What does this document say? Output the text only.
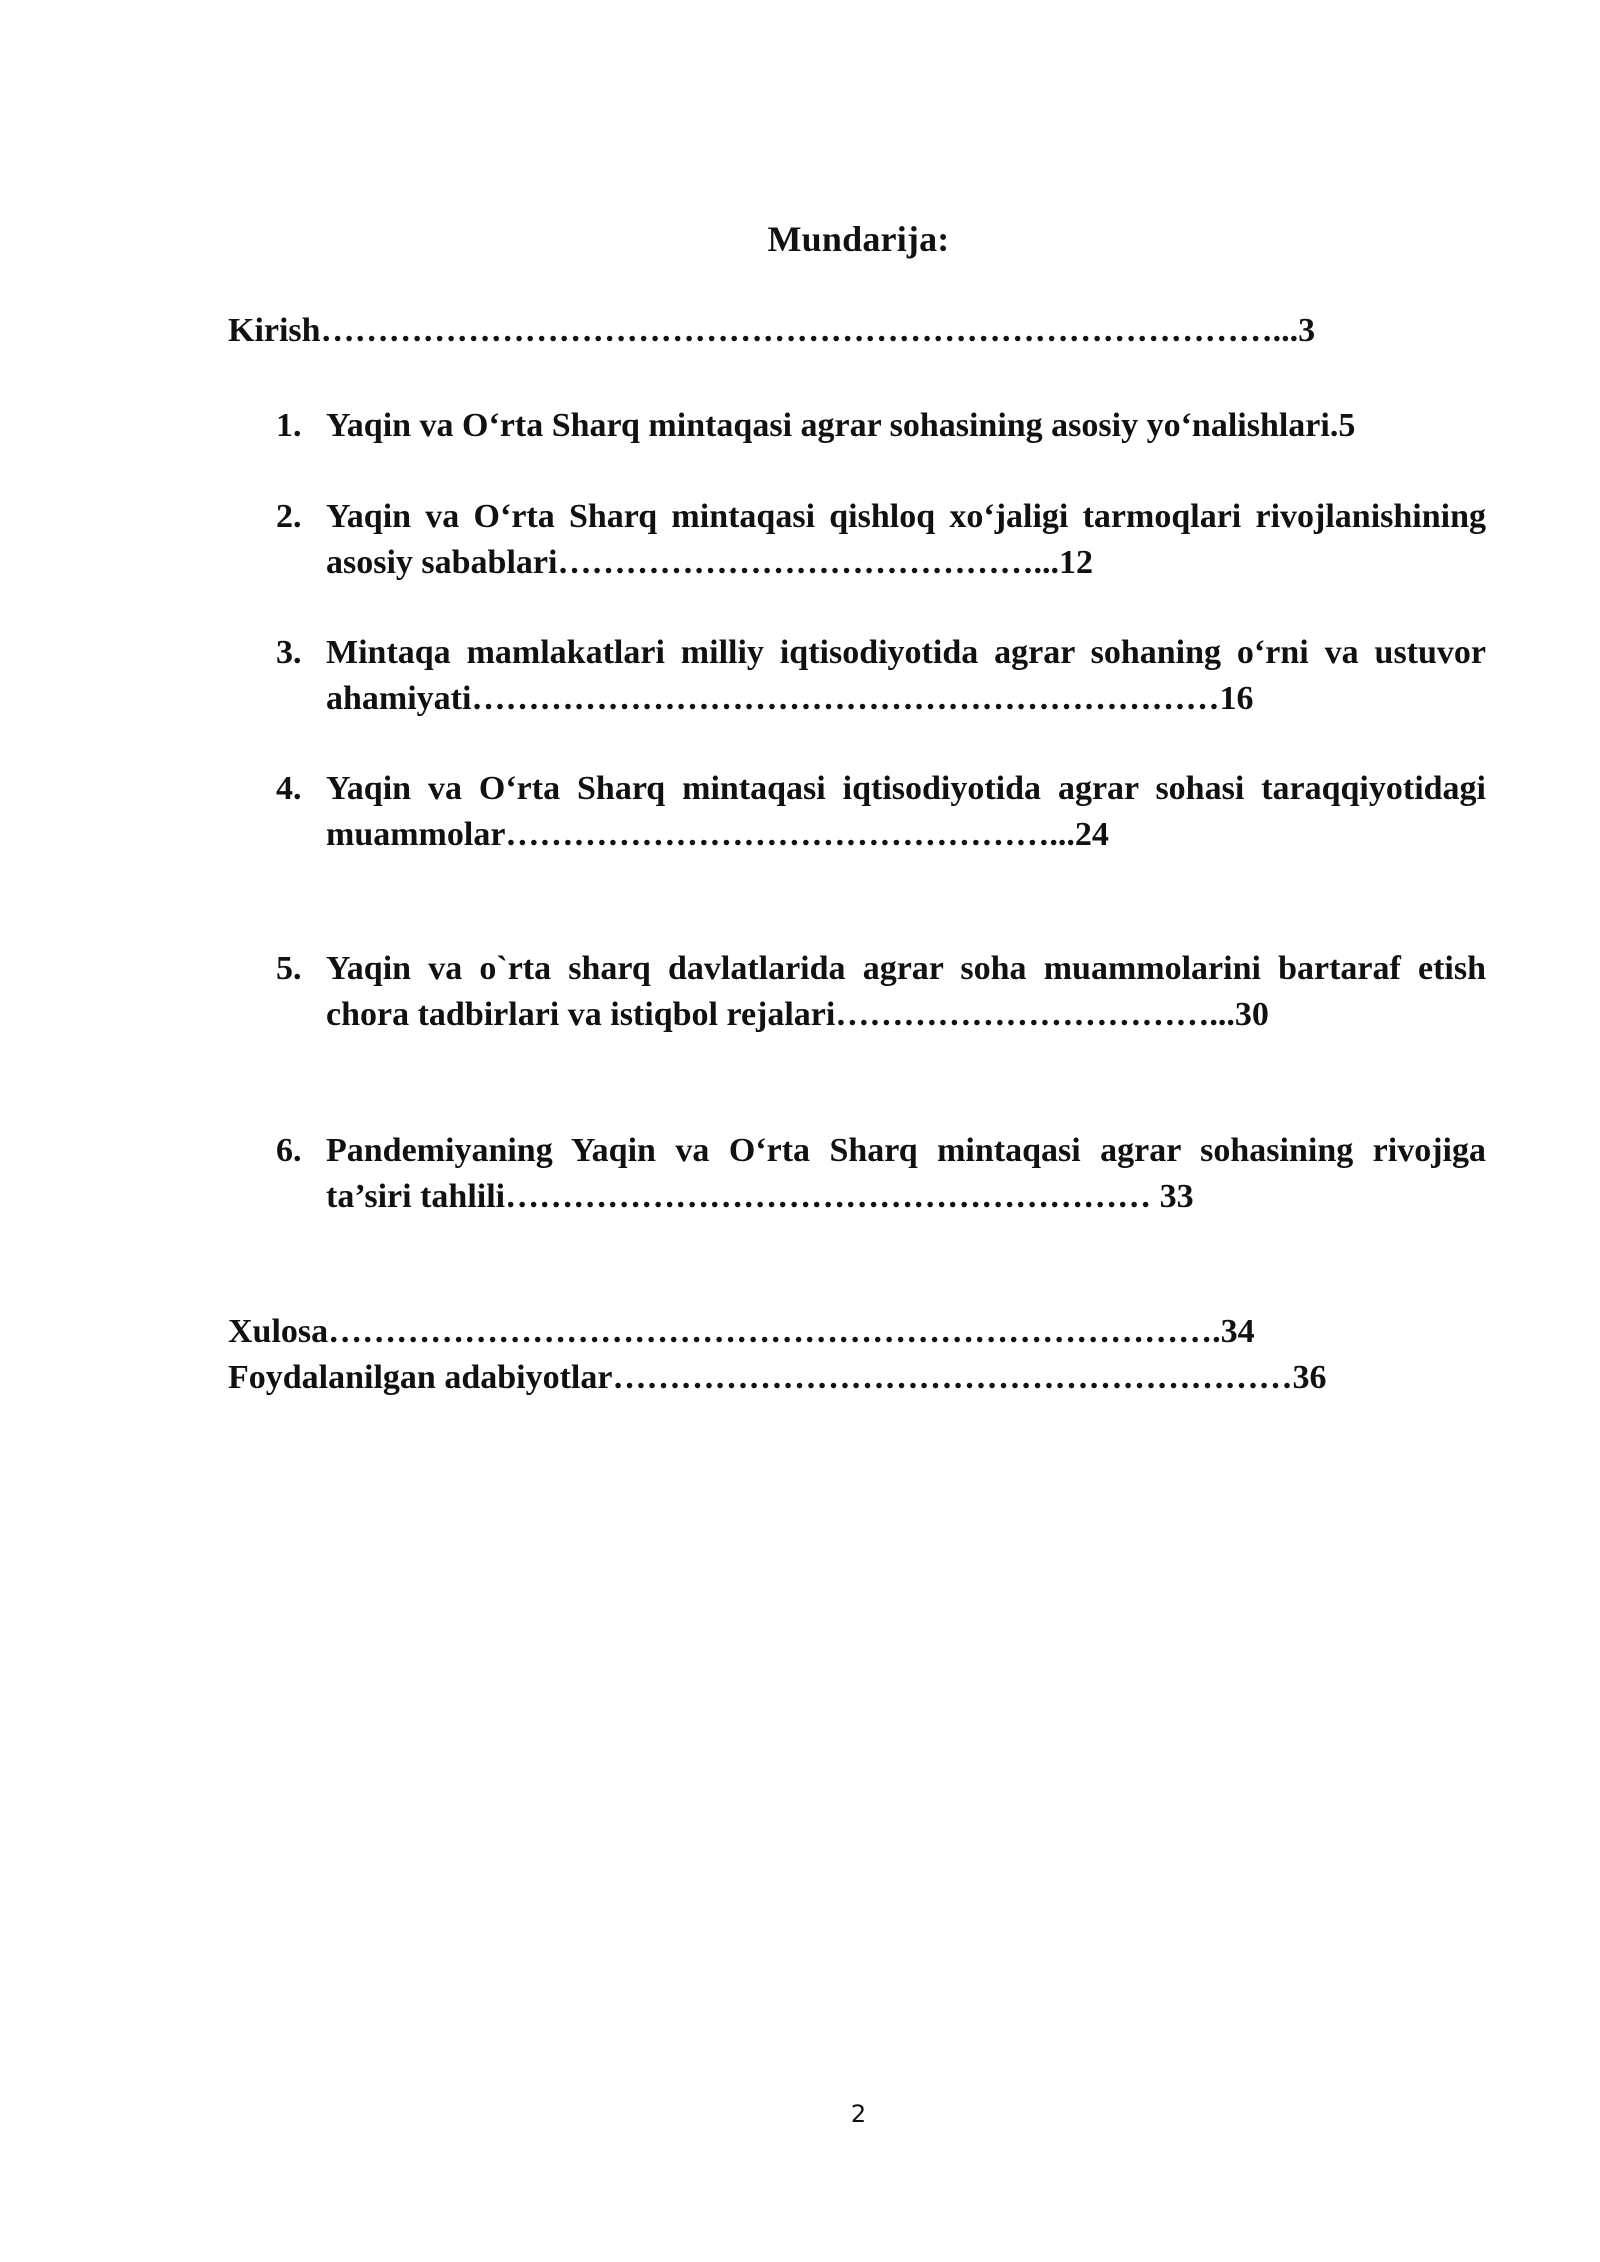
Mundarija:
Kirish…………………………………………………………………………...3
1. Yaqin va O‘rta Sharq mintaqasi agrar sohasining asosiy yo‘nalishlari.5
2. Yaqin va O‘rta Sharq mintaqasi qishloq xo‘jaligi tarmoqlari rivojlanishining asosiy sabablari……………………………………...12
3. Mintaqa mamlakatlari milliy iqtisodiyotida agrar sohaning o‘rni va ustuvor ahamiyati…………………………………………………………16
4. Yaqin va O‘rta Sharq mintaqasi iqtisodiyotida agrar sohasi taraqqiyotidagi muammolar…………………………………………...24
5. Yaqin va o`rta sharq davlatlarida agrar soha muammolarini bartaraf etish chora tadbirlari va istiqbol rejalari……………………………...30
6. Pandemiyaning Yaqin va O‘rta Sharq mintaqasi agrar sohasining rivojiga ta’siri tahlili………………………………………………… 33
Xulosa…………………………………………………………………….34
Foydalanilgan adabiyotlar……………………………………………………36
2
